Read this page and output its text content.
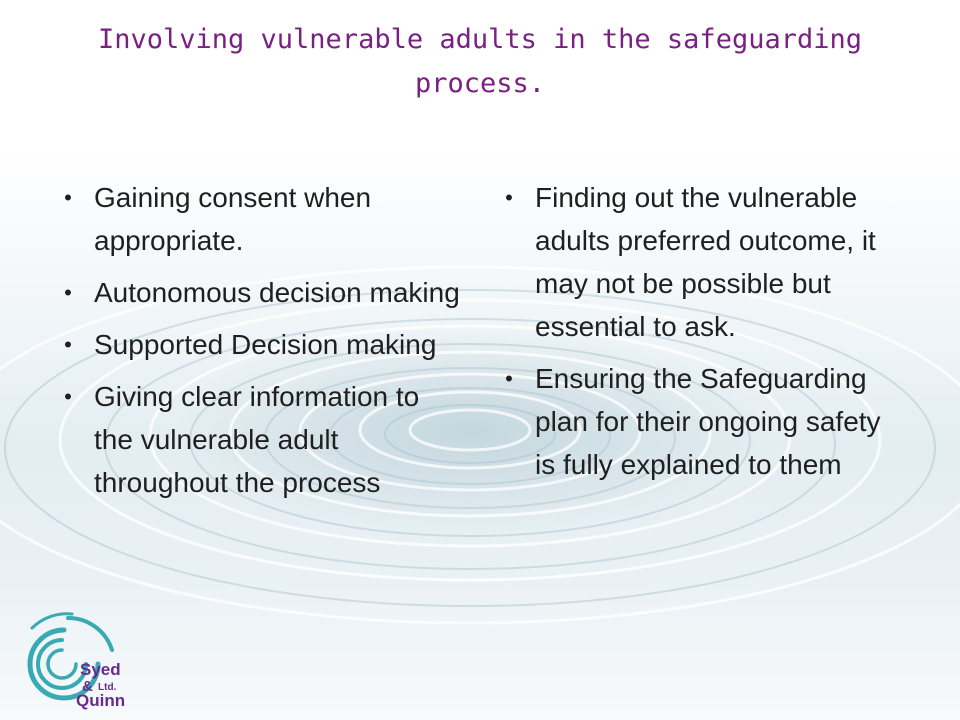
Involving vulnerable adults in the safeguarding process.
• Gaining consent when appropriate.
• Autonomous decision making
• Supported Decision making
• Giving clear information to the vulnerable adult throughout the process
• Finding out the vulnerable adults preferred outcome, it may not be possible but essential to ask.
• Ensuring the Safeguarding plan for their ongoing safety is fully explained to them
Syed
& Ltd.
Quinn
